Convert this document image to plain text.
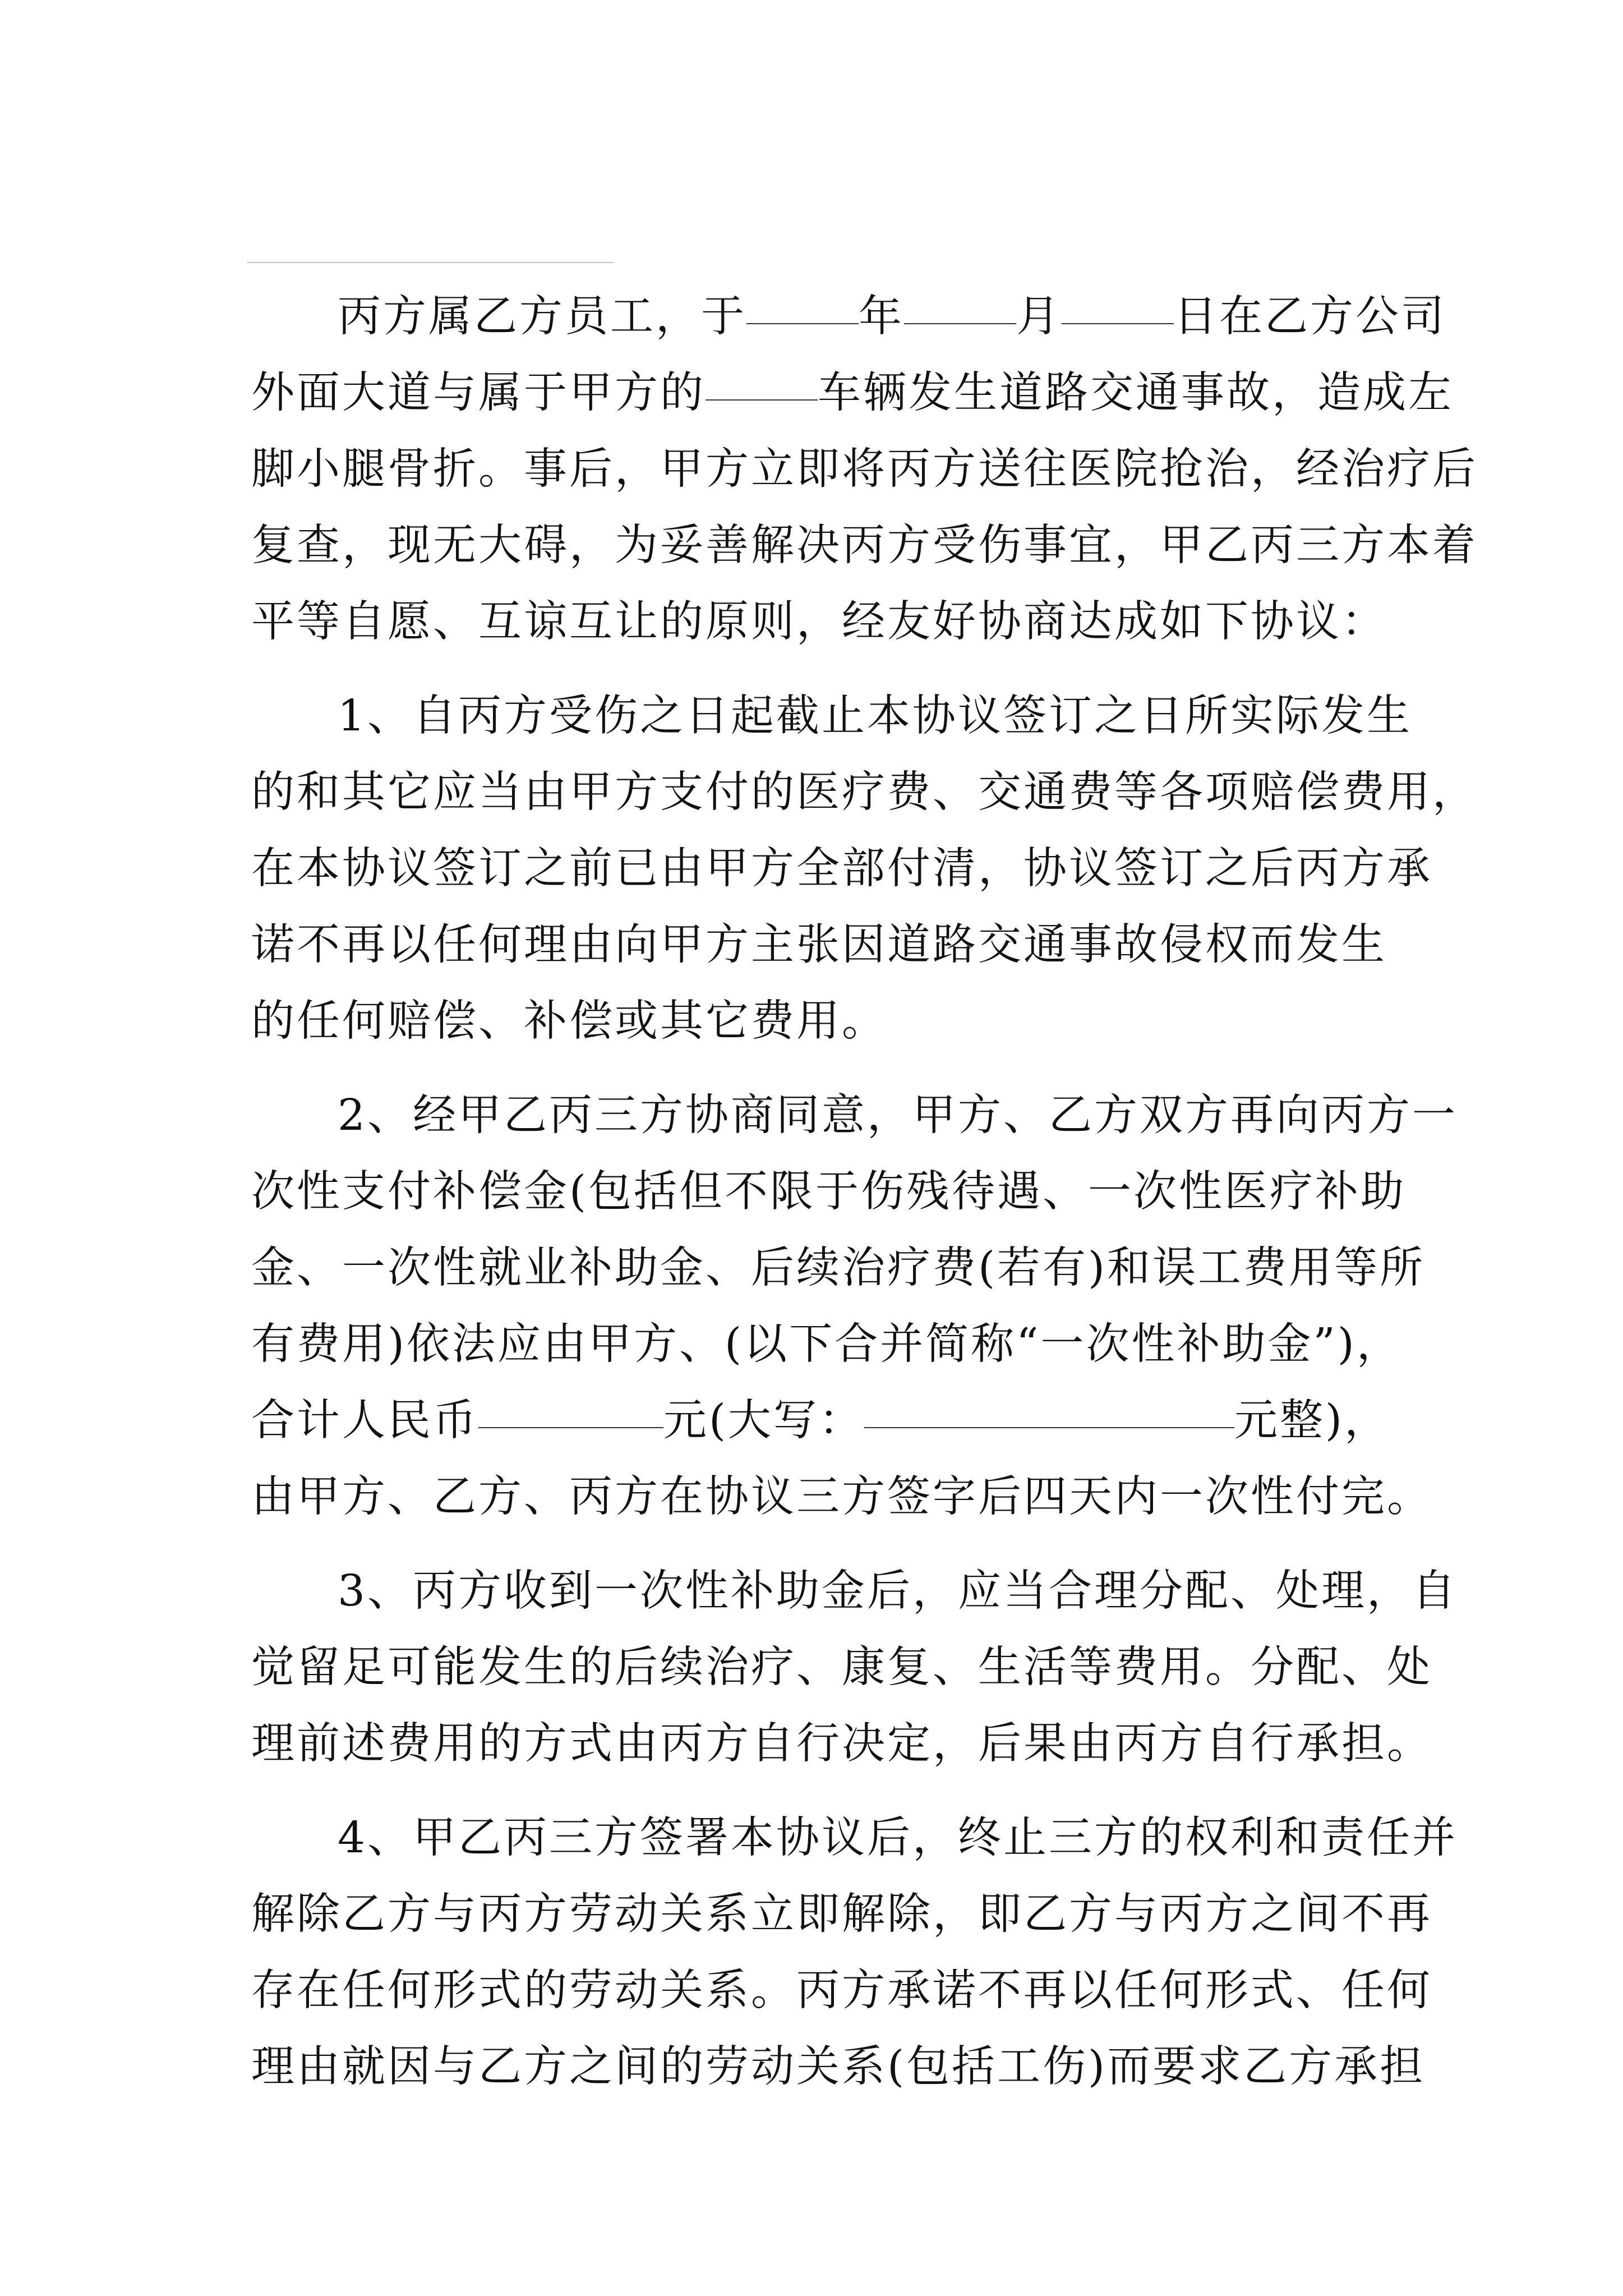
丙方属乙方员工，于	年	月	日在乙方公司
外面大道与属于甲方的	车辆发生道路交通事故，造成左
脚小腿骨折。事后，甲方立即将丙方送往医院抢治，经治疗后
复查，现无大碍，为妥善解决丙方受伤事宜，甲乙丙三方本着
平等自愿、互谅互让的原则，经友好协商达成如下协议：
1、自丙方受伤之日起截止本协议签订之日所实际发生
的和其它应当由甲方支付的医疗费、交通费等各项赔偿费用，
在本协议签订之前已由甲方全部付清，协议签订之后丙方承
诺不再以任何理由向甲方主张因道路交通事故侵权而发生
的任何赔偿、补偿或其它费用。
2、经甲乙丙三方协商同意，甲方、乙方双方再向丙方一
次性支付补偿金(包括但不限于伤残待遇、一次性医疗补助
金、一次性就业补助金、后续治疗费(若有)和误工费用等所
有费用)依法应由甲方、(以下合并简称“一次性补助金”)，
合计人民币	元(大写：	元整)，
由甲方、乙方、丙方在协议三方签字后四天内一次性付完。
3、丙方收到一次性补助金后，应当合理分配、处理，自
觉留足可能发生的后续治疗、康复、生活等费用。分配、处
理前述费用的方式由丙方自行决定，后果由丙方自行承担。
4、甲乙丙三方签署本协议后，终止三方的权利和责任并
解除乙方与丙方劳动关系立即解除，即乙方与丙方之间不再
存在任何形式的劳动关系。丙方承诺不再以任何形式、任何
理由就因与乙方之间的劳动关系(包括工伤)而要求乙方承担
